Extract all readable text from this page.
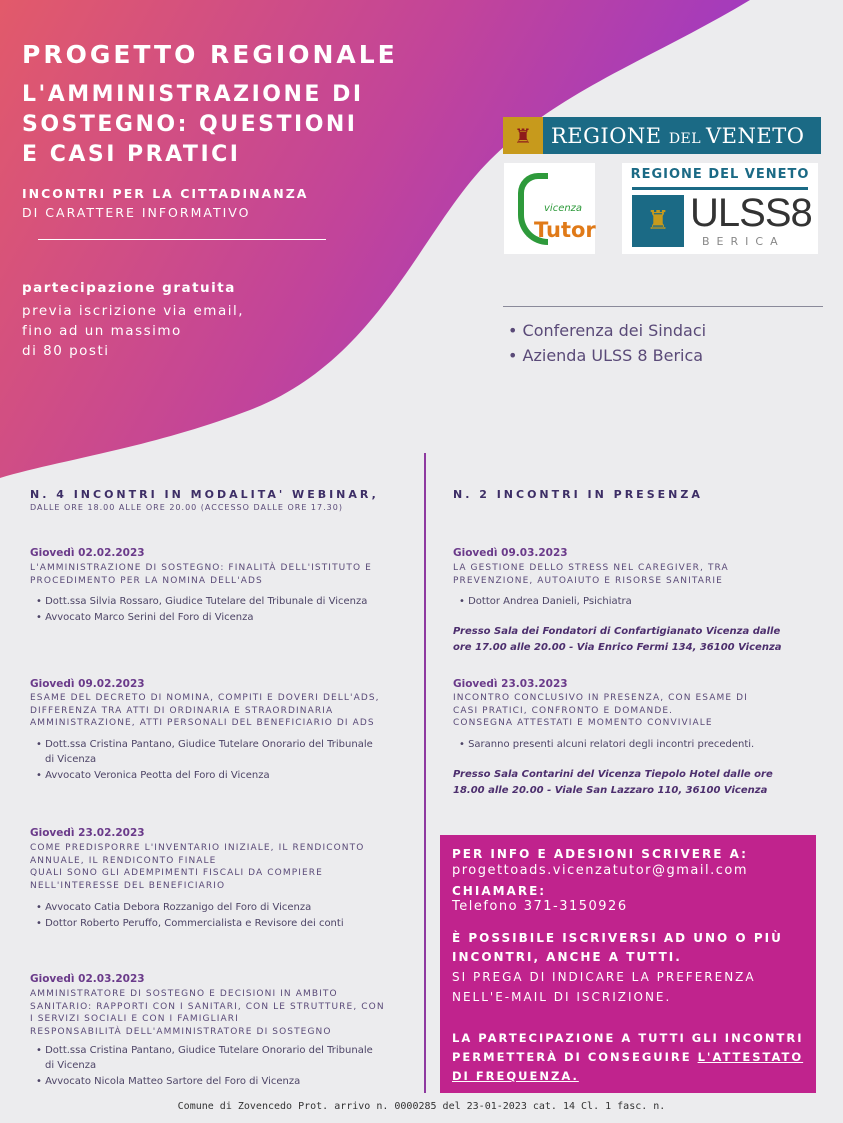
PROGETTO REGIONALE
L'AMMINISTRAZIONE DI
SOSTEGNO: QUESTIONI
E CASI PRATICI
INCONTRI PER LA CITTADINANZA
DI CARATTERE INFORMATIVO
partecipazione gratuita
previa iscrizione via email,
fino ad un massimo
di 80 posti
♜ REGIONE DEL VENETO
vicenza
Tutor
REGIONE DEL VENETO
♜ ULSS8
BERICA
• Conferenza dei Sindaci
• Azienda ULSS 8 Berica
N. 4 INCONTRI IN MODALITA' WEBINAR,
DALLE ORE 18.00 ALLE ORE 20.00 (ACCESSO DALLE ORE 17.30)
Giovedì 02.02.2023
L'AMMINISTRAZIONE DI SOSTEGNO: FINALITÀ DELL'ISTITUTO E
PROCEDIMENTO PER LA NOMINA DELL'ADS
• Dott.ssa Silvia Rossaro, Giudice Tutelare del Tribunale di Vicenza
• Avvocato Marco Serini del Foro di Vicenza
Giovedì 09.02.2023
ESAME DEL DECRETO DI NOMINA, COMPITI E DOVERI DELL'ADS,
DIFFERENZA TRA ATTI DI ORDINARIA E STRAORDINARIA
AMMINISTRAZIONE, ATTI PERSONALI DEL BENEFICIARIO DI ADS
• Dott.ssa Cristina Pantano, Giudice Tutelare Onorario del Tribunale di Vicenza
• Avvocato Veronica Peotta del Foro di Vicenza
Giovedì 23.02.2023
COME PREDISPORRE L'INVENTARIO INIZIALE, IL RENDICONTO
ANNUALE, IL RENDICONTO FINALE
QUALI SONO GLI ADEMPIMENTI FISCALI DA COMPIERE
NELL'INTERESSE DEL BENEFICIARIO
• Avvocato Catia Debora Rozzanigo del Foro di Vicenza
• Dottor Roberto Peruffo, Commercialista e Revisore dei conti
Giovedì 02.03.2023
AMMINISTRATORE DI SOSTEGNO E DECISIONI IN AMBITO
SANITARIO: RAPPORTI CON I SANITARI, CON LE STRUTTURE, CON
I SERVIZI SOCIALI E CON I FAMIGLIARI
RESPONSABILITÀ DELL'AMMINISTRATORE DI SOSTEGNO
• Dott.ssa Cristina Pantano, Giudice Tutelare Onorario del Tribunale di Vicenza
• Avvocato Nicola Matteo Sartore del Foro di Vicenza
N. 2 INCONTRI IN PRESENZA
Giovedì 09.03.2023
LA GESTIONE DELLO STRESS NEL CAREGIVER, TRA
PREVENZIONE, AUTOAIUTO E RISORSE SANITARIE
• Dottor Andrea Danieli, Psichiatra
Presso Sala dei Fondatori di Confartigianato Vicenza dalle
ore 17.00 alle 20.00 - Via Enrico Fermi 134, 36100 Vicenza
Giovedì 23.03.2023
INCONTRO CONCLUSIVO IN PRESENZA, CON ESAME DI
CASI PRATICI, CONFRONTO E DOMANDE.
CONSEGNA ATTESTATI E MOMENTO CONVIVIALE
• Saranno presenti alcuni relatori degli incontri precedenti.
Presso Sala Contarini del Vicenza Tiepolo Hotel dalle ore
18.00 alle 20.00 - Viale San Lazzaro 110, 36100 Vicenza
PER INFO E ADESIONI SCRIVERE A:
progettoads.vicenzatutor@gmail.com
CHIAMARE:
Telefono 371-3150926
È POSSIBILE ISCRIVERSI AD UNO O PIÙ
INCONTRI, ANCHE A TUTTI.
SI PREGA DI INDICARE LA PREFERENZA
NELL'E-MAIL DI ISCRIZIONE.
LA PARTECIPAZIONE A TUTTI GLI INCONTRI
PERMETTERÀ DI CONSEGUIRE L'ATTESTATO
DI FREQUENZA.
Comune di Zovencedo Prot. arrivo n. 0000285 del 23-01-2023 cat. 14 Cl. 1 fasc. n.
